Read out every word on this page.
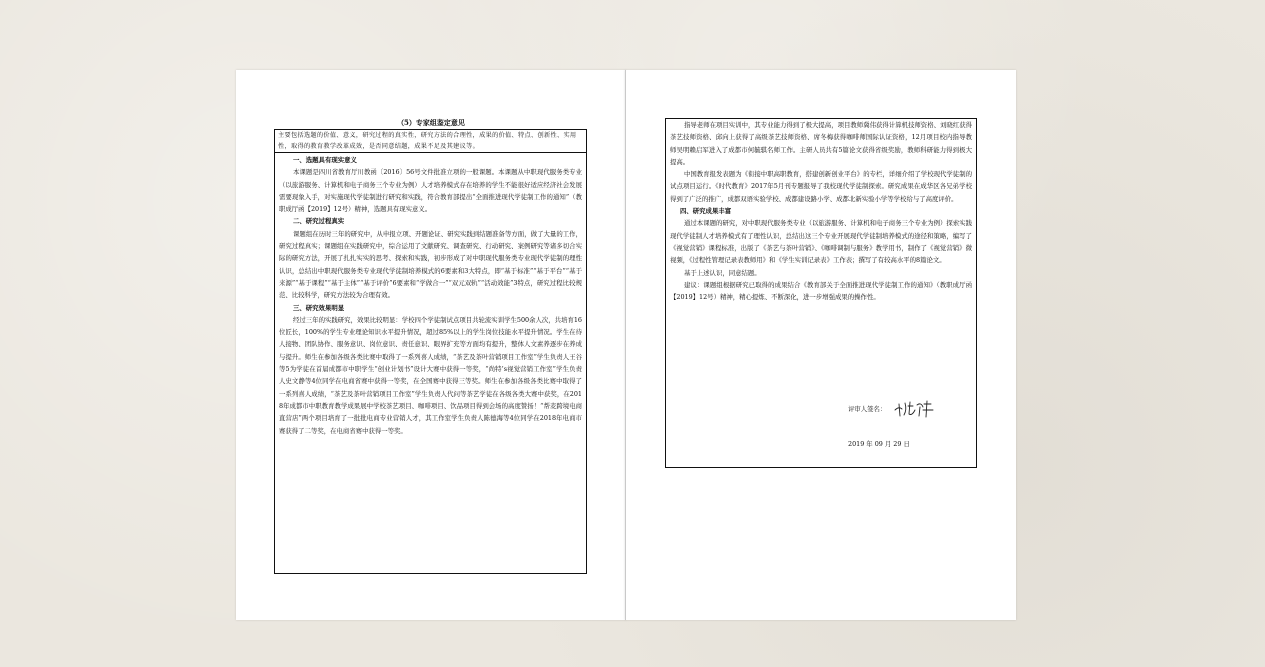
（5）专家组鉴定意见
主要包括选题的价值、意义，研究过程的真实性，研究方法的合理性，成果的价值、特点、创新性、实用性，取得的教育教学改革成效，是否同意结题，成果不足及其建议等。
一、选题具有现实意义
本课题是四川省教育厅川教函〔2016〕56号文件批准立项的一般课题。本课题从中职现代服务类专业（以旅游服务、计算机和电子商务三个专业为例）人才培养模式存在培养的学生不能很好适应经济社会发展需要现象入手，对实施现代学徒制进行研究和实践，符合教育部提出“全面推进现代学徒制工作的通知”（教职成厅函【2019】12号）精神，选题具有现实意义。
二、研究过程真实
课题组在历时三年的研究中，从申报立项、开题论证、研究实践到结题准备等方面，做了大量的工作，研究过程真实；课题组在实践研究中，综合运用了文献研究、调查研究、行动研究、案例研究等诸多切合实际的研究方法，开展了扎扎实实的思考、探索和实践，初步形成了对中职现代服务类专业现代学徒制的理性认识，总结出中职现代服务类专业现代学徒制培养模式的6要素和3大特点，即“基于标准”“基于平台”“基于来源”“基于课程”“基于主体”“基于评价”6要素和“学做合一”“双元双轨”“活动效能”3特点，研究过程比较规范、比较科学，研究方法较为合理有效。
三、研究效果明显
经过三年的实践研究，效果比较明显：学校四个学徒制试点项目共轮流实训学生500余人次，共培育16位匠长，100%的学生专业理论知识水平提升情况，超过85%以上的学生岗位技能水平提升情况。学生在待人接物、团队协作、服务意识、岗位意识、责任意识、眼界扩充等方面均有提升，整体人文素养逐步在养成与提升。师生在参加各级各类比赛中取得了一系列喜人成绩，“茶艺及茶叶营销项目工作室”学生负责人王谷等5为学徒在首届成都市中职学生“创业计划书”设计大赛中获得一等奖，“尚特’s视觉营销工作室”学生负责人史文静等4位同学在电商省赛中获得一等奖，在全国赛中获得三等奖。师生在参加各级各类比赛中取得了一系列喜人成绩，“茶艺及茶叶营销项目工作室”学生负责人代问等茶艺学徒在各级各类大赛中获奖，在2018年成都市中职教育教学成果展中学校茶艺项目、咖啡项目、饮品项目得到会场的高度赞扬！“帮麦跨境电商直营店”两个项目培育了一批批电商专业营销人才，其工作室学生负责人陈德海等4位同学在2018年电商市赛获得了二等奖，在电商省赛中获得一等奖。
指导老师在项目实训中，其专业能力得到了极大提高，项目教师冀伟获得计算机技师资格、刘晓红获得茶艺技师资格、邱向上获得了高级茶艺技师资格、席冬梅获得咖啡师国际认证资格，12月项目校内指导教师吴明赖启军进入了成都市何毓骐名师工作。主研人员共有5篇论文获得省级奖励，教师科研能力得到极大提高。
中国教育报发表题为《衔接中职高职教育，搭建创新创业平台》的专栏，详细介绍了学校现代学徒制的试点项目运行。《时代教育》2017年5月刊专题报导了我校现代学徒制探索。研究成果在成华区各兄弟学校得到了广泛的推广，成都双语实验学校、成都建设路小学、成都北新实验小学等学校给与了高度评价。
四、研究成果丰富
通过本课题的研究，对中职现代服务类专业（以旅游服务、计算机和电子商务三个专业为例）探索实践现代学徒制人才培养模式有了理性认识，总结出这三个专业开展现代学徒制培养模式的途径和策略，编写了《视觉营销》课程标准，出版了《茶艺与茶叶营销》、《咖啡调制与服务》教学用书，制作了《视觉营销》微视频，《过程性管理记录表教师用》和《学生实训记录表》工作表；撰写了有较高水平的8篇论文。
基于上述认识，同意结题。
建议：课题组根据研究已取得的成果结合《教育部关于全面推进现代学徒制工作的通知》（教职成厅函【2019】12号）精神，精心提炼、不断深化，进一步增强成果的操作性。
评审人签名：
2019 年 09 月 29 日
